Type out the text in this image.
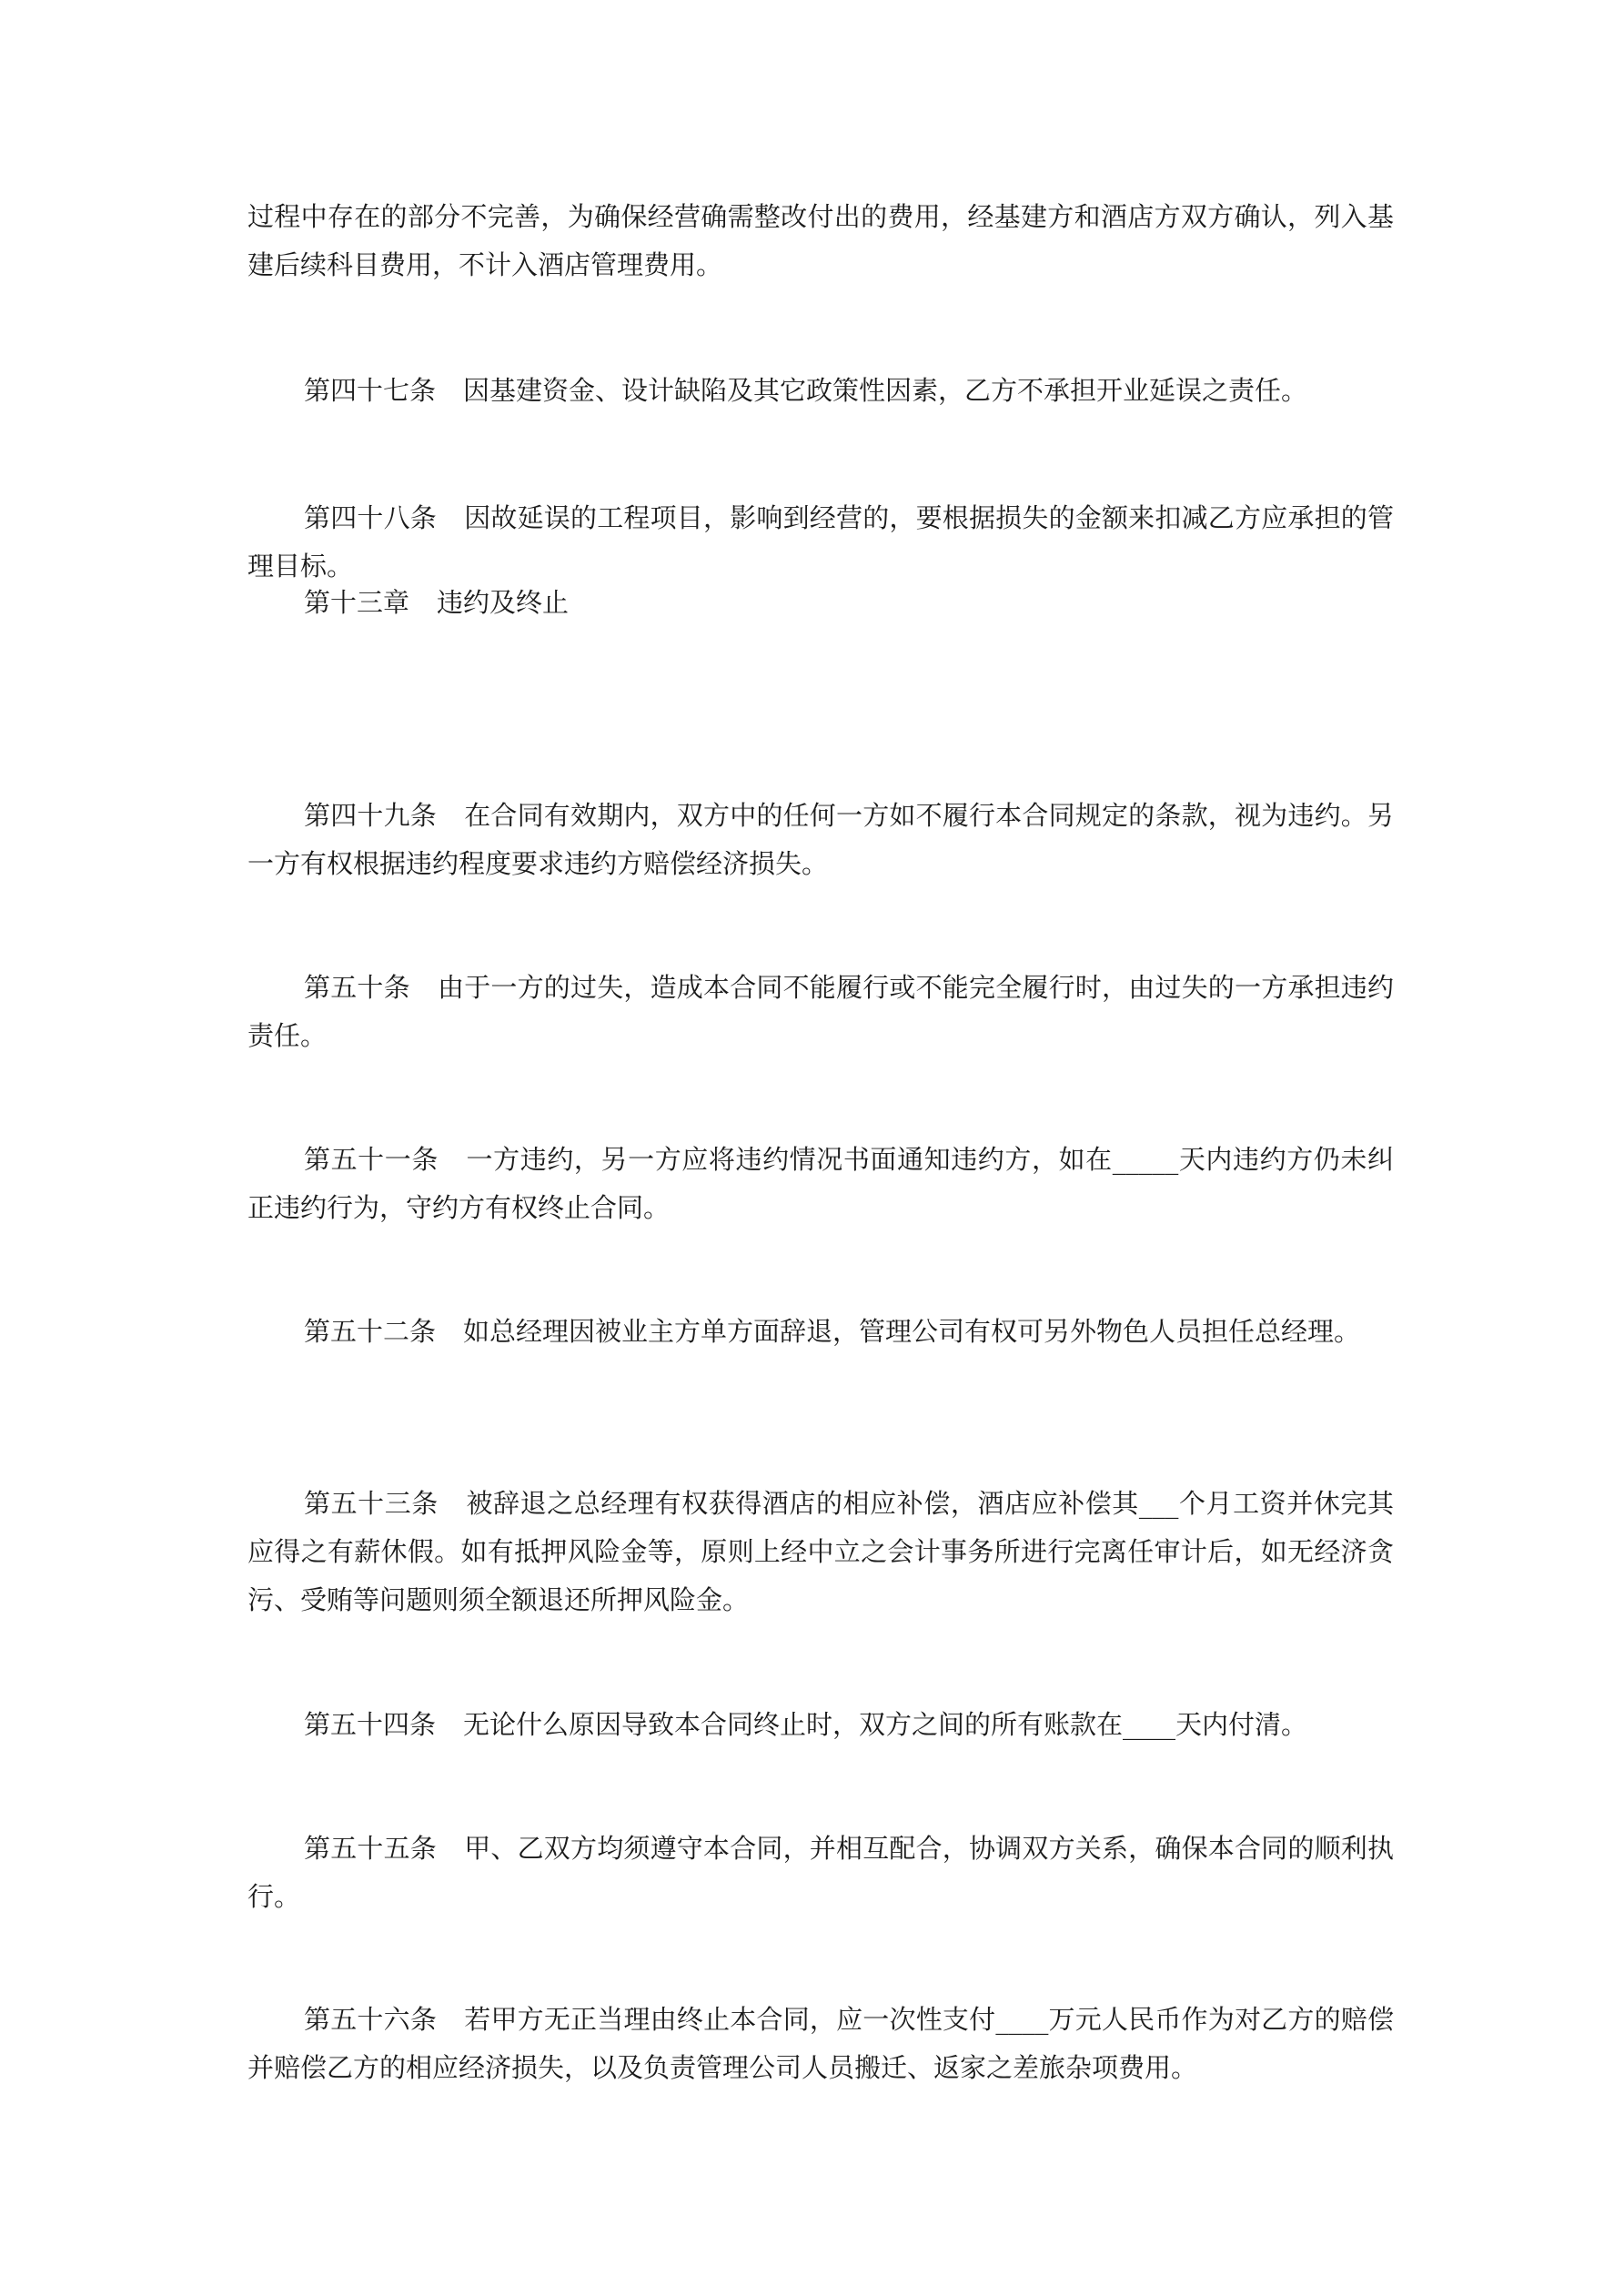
过程中存在的部分不完善，为确保经营确需整改付出的费用，经基建方和酒店方双方确认，列入基建后续科目费用，不计入酒店管理费用。

第四十七条 因基建资金、设计缺陷及其它政策性因素，乙方不承担开业延误之责任。

第四十八条 因故延误的工程项目，影响到经营的，要根据损失的金额来扣减乙方应承担的管理目标。

第十三章 违约及终止

第四十九条 在合同有效期内，双方中的任何一方如不履行本合同规定的条款，视为违约。另一方有权根据违约程度要求违约方赔偿经济损失。

第五十条 由于一方的过失，造成本合同不能履行或不能完全履行时，由过失的一方承担违约责任。

第五十一条 一方违约，另一方应将违约情况书面通知违约方，如在_____天内违约方仍未纠正违约行为，守约方有权终止合同。

第五十二条 如总经理因被业主方单方面辞退，管理公司有权可另外物色人员担任总经理。

第五十三条 被辞退之总经理有权获得酒店的相应补偿，酒店应补偿其___个月工资并休完其应得之有薪休假。如有抵押风险金等，原则上经中立之会计事务所进行完离任审计后，如无经济贪污、受贿等问题则须全额退还所押风险金。

第五十四条 无论什么原因导致本合同终止时，双方之间的所有账款在____天内付清。

第五十五条 甲、乙双方均须遵守本合同，并相互配合，协调双方关系，确保本合同的顺利执行。

第五十六条 若甲方无正当理由终止本合同，应一次性支付____万元人民币作为对乙方的赔偿并赔偿乙方的相应经济损失，以及负责管理公司人员搬迁、返家之差旅杂项费用。
